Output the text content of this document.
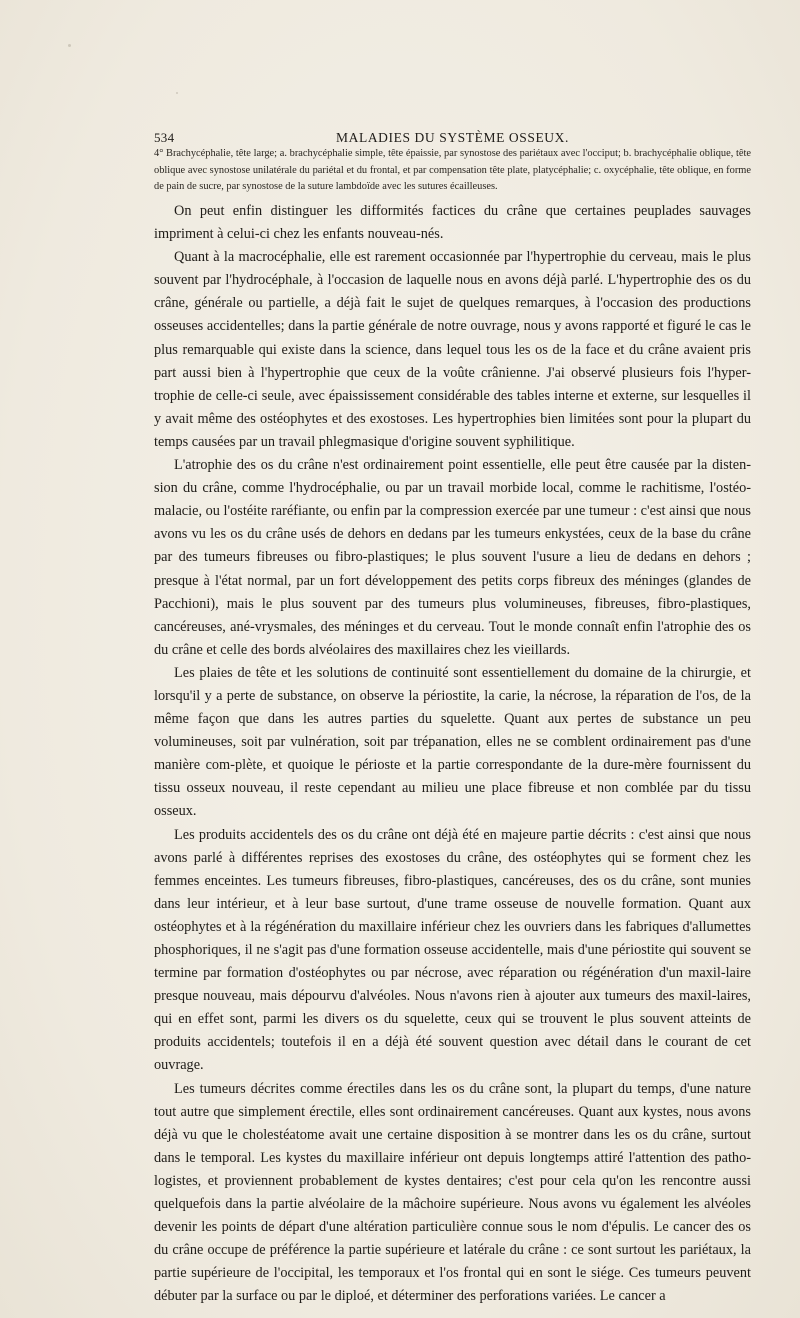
534	MALADIES DU SYSTÈME OSSEUX.
4° Brachycéphalie, tête large; a. brachycéphalie simple, tête épaissie, par synostose des pariétaux avec l'occiput; b. brachycéphalie oblique, tête oblique avec synostose unilatérale du pariétal et du frontal, et par compensation tête plate, platycéphalie; c. oxycéphalie, tête oblique, en forme de pain de sucre, par synostose de la suture lambdoïde avec les sutures écailleuses.

On peut enfin distinguer les difformités factices du crâne que certaines peuplades sauvages impriment à celui-ci chez les enfants nouveau-nés.

Quant à la macrocéphalie, elle est rarement occasionnée par l'hypertrophie du cerveau, mais le plus souvent par l'hydrocéphale, à l'occasion de laquelle nous en avons déjà parlé. L'hypertrophie des os du crâne, générale ou partielle, a déjà fait le sujet de quelques remarques, à l'occasion des productions osseuses accidentelles; dans la partie générale de notre ouvrage, nous y avons rapporté et figuré le cas le plus remarquable qui existe dans la science, dans lequel tous les os de la face et du crâne avaient pris part aussi bien à l'hypertrophie que ceux de la voûte crânienne. J'ai observé plusieurs fois l'hyper-trophie de celle-ci seule, avec épaississement considérable des tables interne et externe, sur lesquelles il y avait même des ostéophytes et des exostoses. Les hypertrophies bien limitées sont pour la plupart du temps causées par un travail phlegmasique d'origine souvent syphilitique.

L'atrophie des os du crâne n'est ordinairement point essentielle, elle peut être causée par la disten-sion du crâne, comme l'hydrocéphalie, ou par un travail morbide local, comme le rachitisme, l'ostéo-malacie, ou l'ostéite raréfiante, ou enfin par la compression exercée par une tumeur : c'est ainsi que nous avons vu les os du crâne usés de dehors en dedans par les tumeurs enkystées, ceux de la base du crâne par des tumeurs fibreuses ou fibro-plastiques; le plus souvent l'usure a lieu de dedans en dehors ; presque à l'état normal, par un fort développement des petits corps fibreux des méninges (glandes de Pacchioni), mais le plus souvent par des tumeurs plus volumineuses, fibreuses, fibro-plastiques, cancéreuses, ané-vrysmales, des méninges et du cerveau. Tout le monde connaît enfin l'atrophie des os du crâne et celle des bords alvéolaires des maxillaires chez les vieillards.

Les plaies de tête et les solutions de continuité sont essentiellement du domaine de la chirurgie, et lorsqu'il y a perte de substance, on observe la périostite, la carie, la nécrose, la réparation de l'os, de la même façon que dans les autres parties du squelette. Quant aux pertes de substance un peu volumineuses, soit par vulnération, soit par trépanation, elles ne se comblent ordinairement pas d'une manière com-plète, et quoique le périoste et la partie correspondante de la dure-mère fournissent du tissu osseux nouveau, il reste cependant au milieu une place fibreuse et non comblée par du tissu osseux.

Les produits accidentels des os du crâne ont déjà été en majeure partie décrits : c'est ainsi que nous avons parlé à différentes reprises des exostoses du crâne, des ostéophytes qui se forment chez les femmes enceintes. Les tumeurs fibreuses, fibro-plastiques, cancéreuses, des os du crâne, sont munies dans leur intérieur, et à leur base surtout, d'une trame osseuse de nouvelle formation. Quant aux ostéophytes et à la régénération du maxillaire inférieur chez les ouvriers dans les fabriques d'allumettes phosphoriques, il ne s'agit pas d'une formation osseuse accidentelle, mais d'une périostite qui souvent se termine par formation d'ostéophytes ou par nécrose, avec réparation ou régénération d'un maxil-laire presque nouveau, mais dépourvu d'alvéoles. Nous n'avons rien à ajouter aux tumeurs des maxil-laires, qui en effet sont, parmi les divers os du squelette, ceux qui se trouvent le plus souvent atteints de produits accidentels; toutefois il en a déjà été souvent question avec détail dans le courant de cet ouvrage.

Les tumeurs décrites comme érectiles dans les os du crâne sont, la plupart du temps, d'une nature tout autre que simplement érectile, elles sont ordinairement cancéreuses. Quant aux kystes, nous avons déjà vu que le cholestéatome avait une certaine disposition à se montrer dans les os du crâne, surtout dans le temporal. Les kystes du maxillaire inférieur ont depuis longtemps attiré l'attention des patho-logistes, et proviennent probablement de kystes dentaires; c'est pour cela qu'on les rencontre aussi quelquefois dans la partie alvéolaire de la mâchoire supérieure. Nous avons vu également les alvéoles devenir les points de départ d'une altération particulière connue sous le nom d'épulis. Le cancer des os du crâne occupe de préférence la partie supérieure et latérale du crâne : ce sont surtout les pariétaux, la partie supérieure de l'occipital, les temporaux et l'os frontal qui en sont le siége. Ces tumeurs peuvent débuter par la surface ou par le diploé, et déterminer des perforations variées. Le cancer a
